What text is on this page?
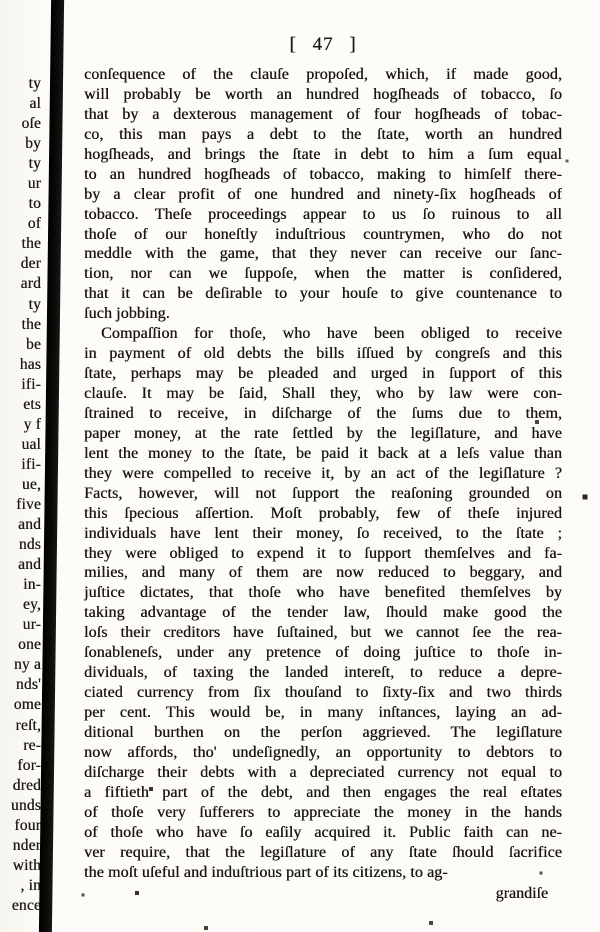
ty
al
oſe
by
ty
ur
to
of
the
der
ard
ty
the
be
has
ifi-
ets
y f
ual
ifi-
ue,
five
and
nds
and
in-
ey,
ur-
one
ny a
nds'
ome
reſt,
re-
for-
dred
unds
four
nder
with
, in
ence
[ 47 ]
conſequence of the clauſe propoſed, which, if made good,
will probably be worth an hundred hogſheads of tobacco, ſo
that by a dexterous management of four hogſheads of tobac-
co, this man pays a debt to the ſtate, worth an hundred
hogſheads, and brings the ſtate in debt to him a ſum equal
to an hundred hogſheads of tobacco, making to himſelf there-
by a clear profit of one hundred and ninety-ſix hogſheads of
tobacco. Theſe proceedings appear to us ſo ruinous to all
thoſe of our honeſtly induſtrious countrymen, who do not
meddle with the game, that they never can receive our ſanc-
tion, nor can we ſuppoſe, when the matter is conſidered,
that it can be deſirable to your houſe to give countenance to
ſuch jobbing.
Compaſſion for thoſe, who have been obliged to receive
in payment of old debts the bills iſſued by congreſs and this
ſtate, perhaps may be pleaded and urged in ſupport of this
clauſe. It may be ſaid, Shall they, who by law were con-
ſtrained to receive, in diſcharge of the ſums due to them,
paper money, at the rate ſettled by the legiſlature, and have
lent the money to the ſtate, be paid it back at a leſs value than
they were compelled to receive it, by an act of the legiſlature ?
Facts, however, will not ſupport the reaſoning grounded on
this ſpecious aſſertion. Moſt probably, few of theſe injured
individuals have lent their money, ſo received, to the ſtate ;
they were obliged to expend it to ſupport themſelves and fa-
milies, and many of them are now reduced to beggary, and
juſtice dictates, that thoſe who have benefited themſelves by
taking advantage of the tender law, ſhould make good the
loſs their creditors have ſuſtained, but we cannot ſee the rea-
ſonableneſs, under any pretence of doing juſtice to thoſe in-
dividuals, of taxing the landed intereſt, to reduce a depre-
ciated currency from ſix thouſand to ſixty-ſix and two thirds
per cent. This would be, in many inſtances, laying an ad-
ditional burthen on the perſon aggrieved. The legiſlature
now affords, tho' undeſignedly, an opportunity to debtors to
diſcharge their debts with a depreciated currency not equal to
a fiftieth part of the debt, and then engages the real eſtates
of thoſe very ſufferers to appreciate the money in the hands
of thoſe who have ſo eaſily acquired it. Public faith can ne-
ver require, that the legiſlature of any ſtate ſhould ſacrifice
the moſt uſeful and induſtrious part of its citizens, to ag-
grandiſe
